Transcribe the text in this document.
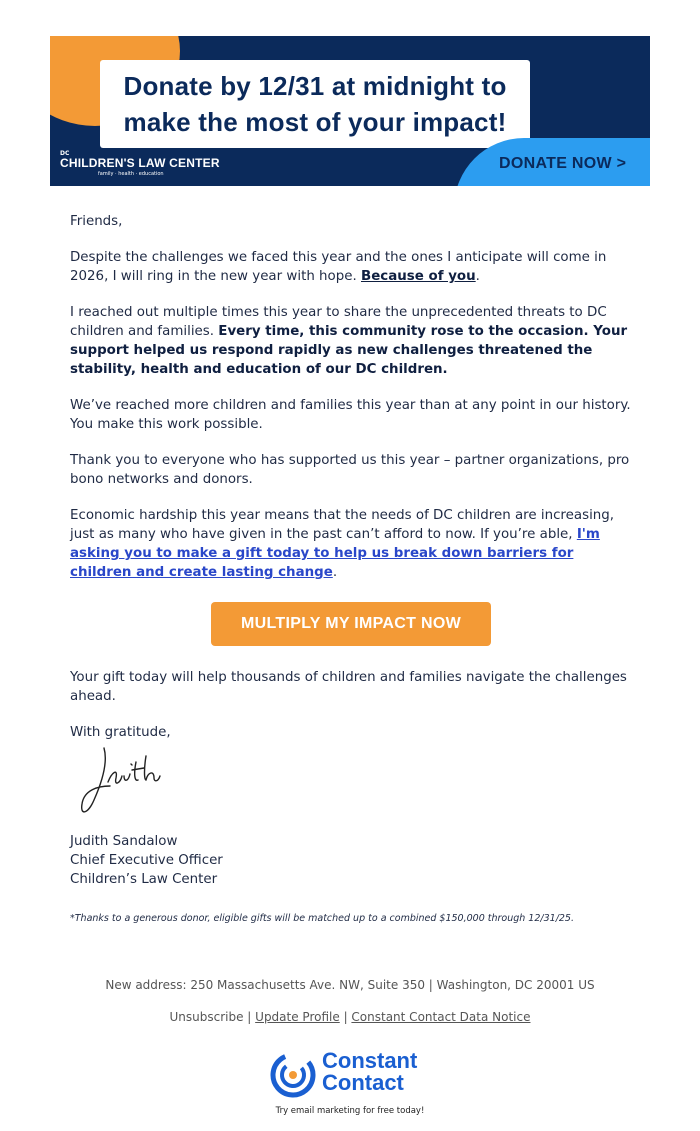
Donate by 12/31 at midnight to
make the most of your impact!
DC
CHILDREN'S LAW CENTER
family · health · education
DONATE NOW >

Friends,

Despite the challenges we faced this year and the ones I anticipate will come in 2026, I will ring in the new year with hope. Because of you.

I reached out multiple times this year to share the unprecedented threats to DC children and families. Every time, this community rose to the occasion. Your support helped us respond rapidly as new challenges threatened the stability, health and education of our DC children.

We’ve reached more children and families this year than at any point in our history. You make this work possible.

Thank you to everyone who has supported us this year – partner organizations, pro bono networks and donors.

Economic hardship this year means that the needs of DC children are increasing, just as many who have given in the past can’t afford to now. If you’re able, I'm asking you to make a gift today to help us break down barriers for children and create lasting change.

MULTIPLY MY IMPACT NOW

Your gift today will help thousands of children and families navigate the challenges ahead.

With gratitude,

Judith Sandalow

Chief Executive Officer

Children’s Law Center

*Thanks to a generous donor, eligible gifts will be matched up to a combined $150,000 through 12/31/25.
New address: 250 Massachusetts Ave. NW, Suite 350 | Washington, DC 20001 US
Unsubscribe | Update Profile | Constant Contact Data Notice
Constant
Contact
Try email marketing for free today!
